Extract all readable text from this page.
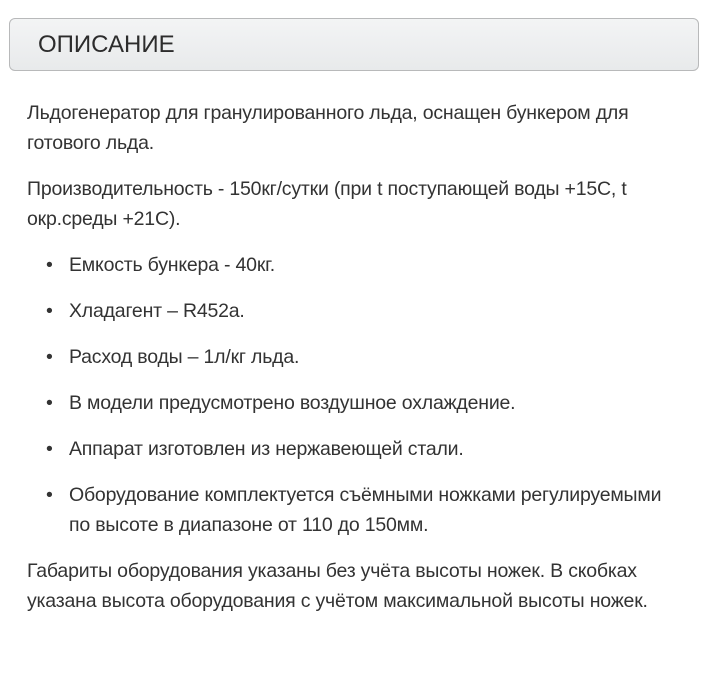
ОПИСАНИЕ

Льдогенератор для гранулированного льда, оснащен бункером для готового льда.

Производительность - 150кг/сутки (при t поступающей воды +15С, t окр.среды +21С).

• Емкость бункера - 40кг.
• Хладагент – R452a.
• Расход воды – 1л/кг льда.
• В модели предусмотрено воздушное охлаждение.
• Аппарат изготовлен из нержавеющей стали.
• Оборудование комплектуется съёмными ножками регулируемыми по высоте в диапазоне от 110 до 150мм.

Габариты оборудования указаны без учёта высоты ножек. В скобках указана высота оборудования с учётом максимальной высоты ножек.
